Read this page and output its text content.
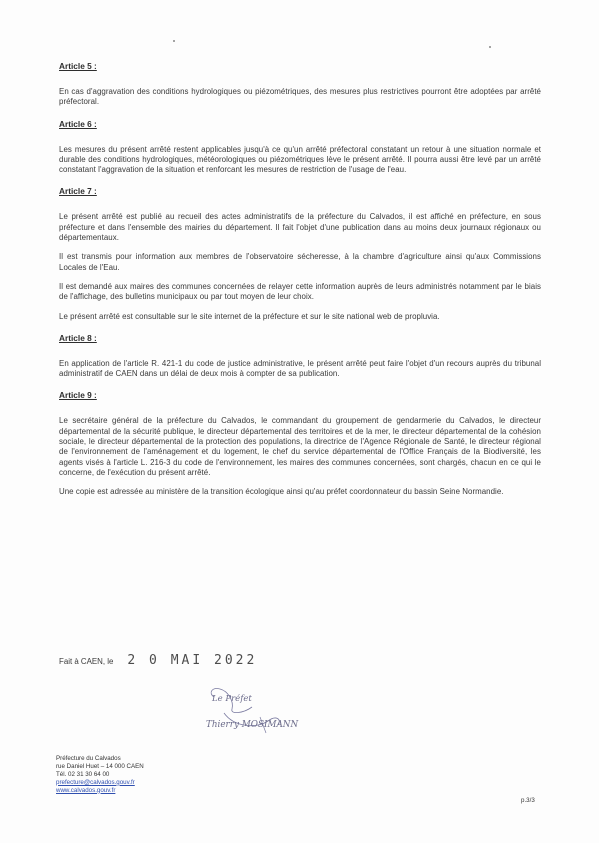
Article 5 :

En cas d'aggravation des conditions hydrologiques ou piézométriques, des mesures plus restrictives pourront être adoptées par arrêté préfectoral.

Article 6 :

Les mesures du présent arrêté restent applicables jusqu'à ce qu'un arrêté préfectoral constatant un retour à une situation normale et durable des conditions hydrologiques, météorologiques ou piézométriques lève le présent arrêté. Il pourra aussi être levé par un arrêté constatant l'aggravation de la situation et renforcant les mesures de restriction de l'usage de l'eau.

Article 7 :

Le présent arrêté est publié au recueil des actes administratifs de la préfecture du Calvados, il est affiché en préfecture, en sous préfecture et dans l'ensemble des mairies du département. Il fait l'objet d'une publication dans au moins deux journaux régionaux ou départementaux.

Il est transmis pour information aux membres de l'observatoire sécheresse, à la chambre d'agriculture ainsi qu'aux Commissions Locales de l'Eau.

Il est demandé aux maires des communes concernées de relayer cette information auprès de leurs administrés notamment par le biais de l'affichage, des bulletins municipaux ou par tout moyen de leur choix.

Le présent arrêté est consultable sur le site internet de la préfecture et sur le site national web de propluvia.

Article 8 :

En application de l'article R. 421-1 du code de justice administrative, le présent arrêté peut faire l'objet d'un recours auprès du tribunal administratif de CAEN dans un délai de deux mois à compter de sa publication.

Article 9 :

Le secrétaire général de la préfecture du Calvados, le commandant du groupement de gendarmerie du Calvados, le directeur départemental de la sécurité publique, le directeur départemental des territoires et de la mer, le directeur départemental de la cohésion sociale, le directeur départemental de la protection des populations, la directrice de l'Agence Régionale de Santé, le directeur régional de l'environnement de l'aménagement et du logement, le chef du service départemental de l'Office Français de la Biodiversité, les agents visés à l'article L. 216-3 du code de l'environnement, les maires des communes concernées, sont chargés, chacun en ce qui le concerne, de l'exécution du présent arrêté.

Une copie est adressée au ministère de la transition écologique ainsi qu'au préfet coordonnateur du bassin Seine Normandie.

Fait à CAEN, le 2 0 MAI 2022
Le Préfet
Thierry MOSIMANN
Préfecture du Calvados
rue Daniel Huet – 14 000 CAEN
Tél. 02 31 30 64 00
prefecture@calvados.gouv.fr
www.calvados.gouv.fr
p.3/3
